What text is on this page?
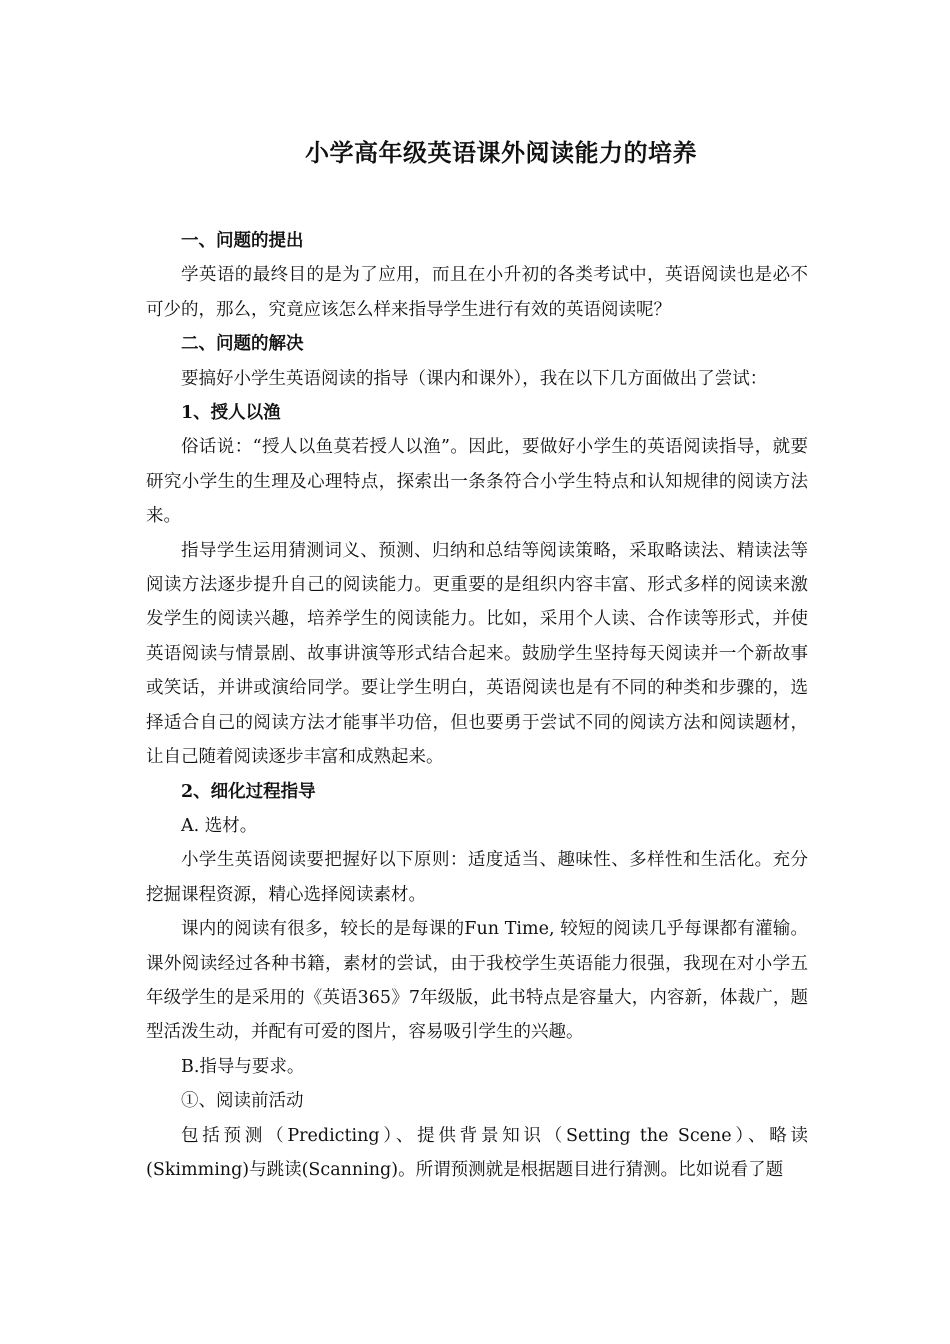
小学高年级英语课外阅读能力的培养

一、问题的提出

学英语的最终目的是为了应用，而且在小升初的各类考试中，英语阅读也是必不可少的，那么，究竟应该怎么样来指导学生进行有效的英语阅读呢？

二、问题的解决

要搞好小学生英语阅读的指导（课内和课外），我在以下几方面做出了尝试：

1、授人以渔

俗话说：“授人以鱼莫若授人以渔”。因此，要做好小学生的英语阅读指导，就要研究小学生的生理及心理特点，探索出一条条符合小学生特点和认知规律的阅读方法来。

指导学生运用猜测词义、预测、归纳和总结等阅读策略，采取略读法、精读法等阅读方法逐步提升自己的阅读能力。更重要的是组织内容丰富、形式多样的阅读来激发学生的阅读兴趣，培养学生的阅读能力。比如，采用个人读、合作读等形式，并使英语阅读与情景剧、故事讲演等形式结合起来。鼓励学生坚持每天阅读并一个新故事或笑话，并讲或演给同学。要让学生明白，英语阅读也是有不同的种类和步骤的，选择适合自己的阅读方法才能事半功倍，但也要勇于尝试不同的阅读方法和阅读题材，让自己随着阅读逐步丰富和成熟起来。

2、细化过程指导

A. 选材。

小学生英语阅读要把握好以下原则：适度适当、趣味性、多样性和生活化。充分挖掘课程资源，精心选择阅读素材。

课内的阅读有很多，较长的是每课的Fun Time, 较短的阅读几乎每课都有灌输。课外阅读经过各种书籍，素材的尝试，由于我校学生英语能力很强，我现在对小学五年级学生的是采用的《英语365》7年级版，此书特点是容量大，内容新，体裁广，题型活泼生动，并配有可爱的图片，容易吸引学生的兴趣。

B.指导与要求。

①、阅读前活动

包括预测（Predicting）、提供背景知识（Setting the Scene）、略读(Skimming)与跳读(Scanning)。所谓预测就是根据题目进行猜测。比如说看了题
